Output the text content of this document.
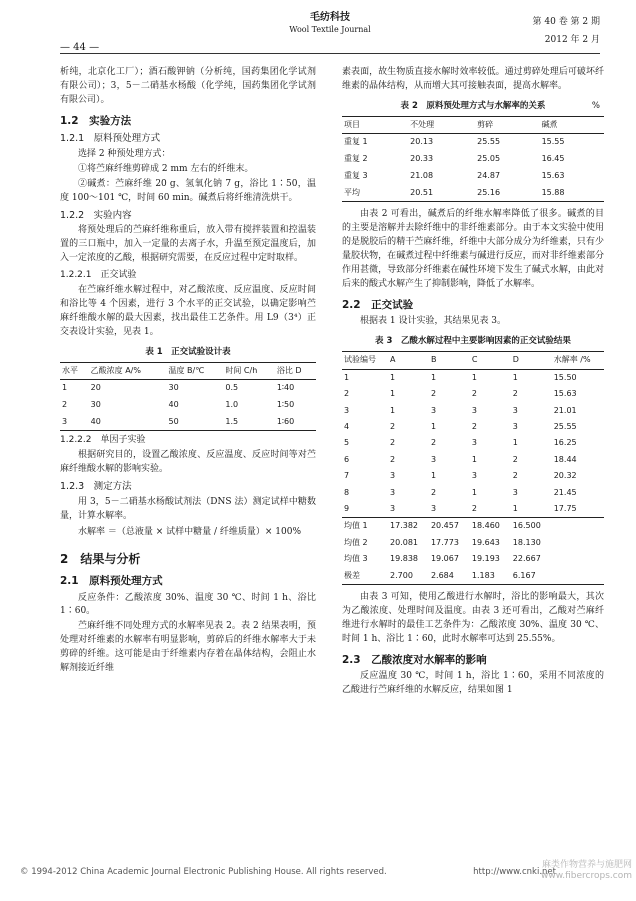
毛纺科技
Wool Textile Journal
— 44 —
第 40 卷 第 2 期
2012 年 2 月

析纯，北京化工厂）；酒石酸钾钠（分析纯，国药集团化学试剂有限公司）；3，5－二硝基水杨酸（化学纯，国药集团化学试剂有限公司）。

1.2　实验方法
1.2.1　原料预处理方式

选择 2 种预处理方式：

①将苎麻纤维剪碎成 2 mm 左右的纤维末。

②碱煮：苎麻纤维 20 g、氢氧化钠 7 g，浴比 1∶50，温度 100～101 ℃，时间 60 min。碱煮后将纤维清洗烘干。

1.2.2　实验内容

将预处理后的苎麻纤维称重后，放入带有搅拌装置和控温装置的三口瓶中，加入一定量的去离子水，升温至预定温度后，加入一定浓度的乙酸，根据研究需要，在反应过程中定时取样。

1.2.2.1　正交试验

在苎麻纤维水解过程中，对乙酸浓度、反应温度、反应时间和浴比等 4 个因素，进行 3 个水平的正交试验，以确定影响苎麻纤维酸水解的最大因素，找出最佳工艺条件。用 L9（3⁴）正交表设计实验，见表 1。

表 1　正交试验设计表
水平	乙酸浓度 A/%	温度 B/℃	时间 C/h	浴比 D
1	20	30	0.5	1∶40
2	30	40	1.0	1∶50
3	40	50	1.5	1∶60
1.2.2.2　单因子实验

根据研究目的，设置乙酸浓度、反应温度、反应时间等对苎麻纤维酸水解的影响实验。

1.2.3　测定方法

用 3，5－二硝基水杨酸试剂法（DNS 法）测定试样中糖数量，计算水解率。

水解率 ＝（总液量 × 试样中糖量 / 纤维质量）× 100%

2　结果与分析
2.1　原料预处理方式

反应条件：乙酸浓度 30%、温度 30 ℃、时间 1 h、浴比 1∶60。

苎麻纤维不同处理方式的水解率见表 2。表 2 结果表明，预处理对纤维素的水解率有明显影响，剪碎后的纤维水解率大于未剪碎的纤维。这可能是由于纤维素内存着在晶体结构，会阻止水解剂接近纤维

素表面，故生物质直接水解时效率较低。通过剪碎处理后可破坏纤维素的晶体结构，从而增大其可接触表面，提高水解率。

表 2　原料预处理方式与水解率的关系	%
项目	不处理	剪碎	碱煮
重复 1	20.13	25.55	15.55
重复 2	20.33	25.05	16.45
重复 3	21.08	24.87	15.63
平均	20.51	25.16	15.88

由表 2 可看出，碱煮后的纤维水解率降低了很多。碱煮的目的主要是溶解并去除纤维中的非纤维素部分。由于本文实验中使用的是脱胶后的精干苎麻纤维，纤维中大部分成分为纤维素，只有少量胶状物，在碱煮过程中纤维素与碱进行反应，而对非纤维素部分作用甚微，导致部分纤维素在碱性环境下发生了碱式水解，由此对后来的酸式水解产生了抑制影响，降低了水解率。

2.2　正交试验

根据表 1 设计实验，其结果见表 3。

表 3　乙酸水解过程中主要影响因素的正交试验结果
试验编号	A	B	C	D	水解率 /%
1	1	1	1	1	15.50
2	1	2	2	2	15.63
3	1	3	3	3	21.01
4	2	1	2	3	25.55
5	2	2	3	1	16.25
6	2	3	1	2	18.44
7	3	1	3	2	20.32
8	3	2	1	3	21.45
9	3	3	2	1	17.75
均值 1	17.382	20.457	18.460	16.500	
均值 2	20.081	17.773	19.643	18.130	
均值 3	19.838	19.067	19.193	22.667	
极差	2.700	2.684	1.183	6.167	

由表 3 可知，使用乙酸进行水解时，浴比的影响最大，其次为乙酸浓度、处理时间及温度。由表 3 还可看出，乙酸对苎麻纤维进行水解时的最佳工艺条件为：乙酸浓度 30%、温度 30 ℃、时间 1 h、浴比 1∶60，此时水解率可达到 25.55%。

2.3　乙酸浓度对水解率的影响

反应温度 30 ℃，时间 1 h，浴比 1∶60，采用不同浓度的乙酸进行苎麻纤维的水解反应，结果如图 1

© 1994-2012 China Academic Journal Electronic Publishing House. All rights reserved.	http://www.cnki.net
麻类作物营养与施肥网
www.fibercrops.com
